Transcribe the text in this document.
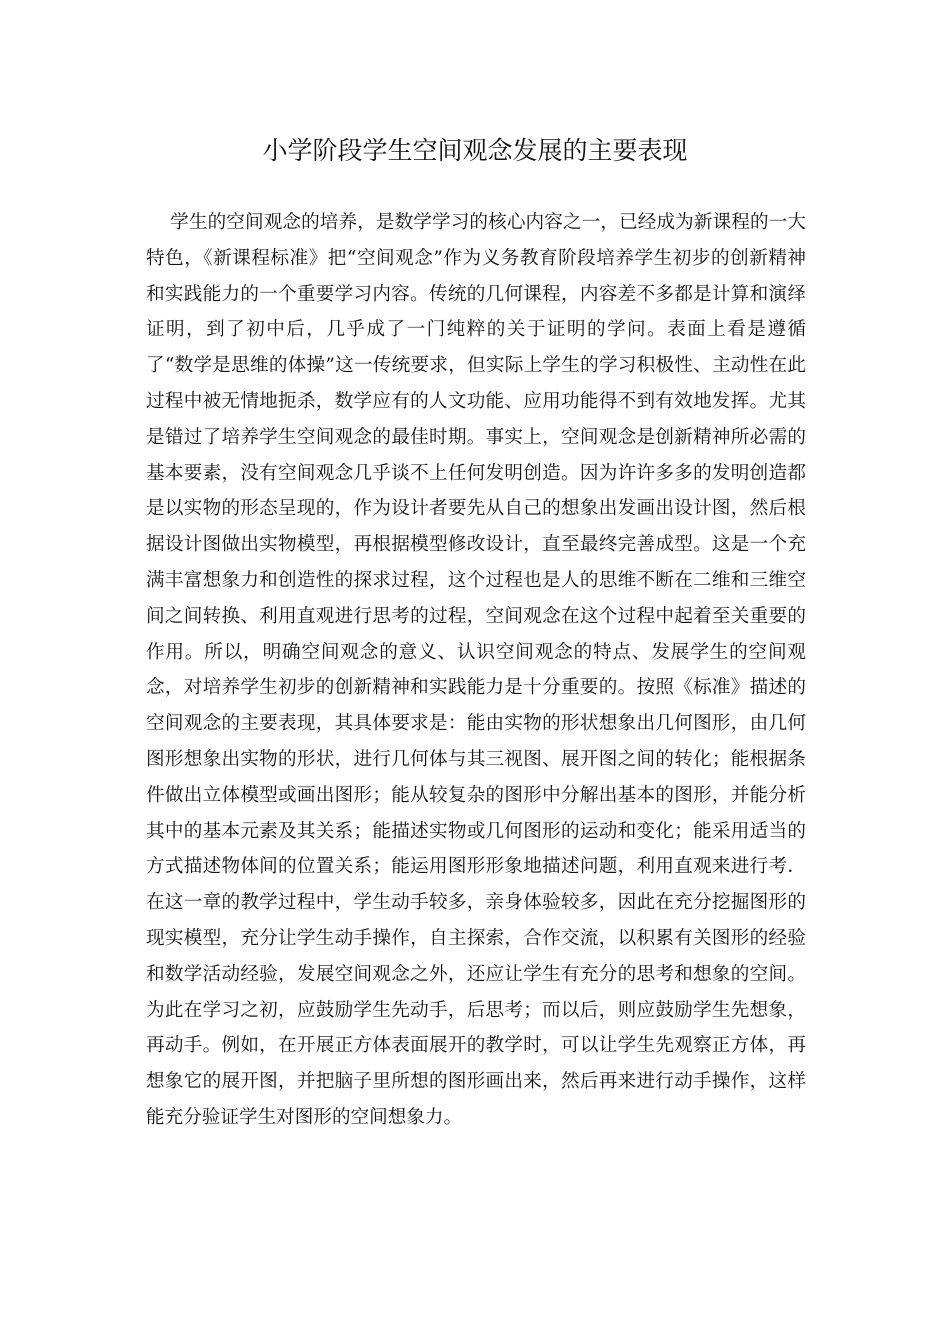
小学阶段学生空间观念发展的主要表现

学生的空间观念的培养，是数学学习的核心内容之一，已经成为新课程的一大特色，《新课程标准》把“空间观念”作为义务教育阶段培养学生初步的创新精神和实践能力的一个重要学习内容。传统的几何课程，内容差不多都是计算和演绎证明，到了初中后，几乎成了一门纯粹的关于证明的学问。表面上看是遵循了“数学是思维的体操”这一传统要求，但实际上学生的学习积极性、主动性在此过程中被无情地扼杀，数学应有的人文功能、应用功能得不到有效地发挥。尤其是错过了培养学生空间观念的最佳时期。事实上，空间观念是创新精神所必需的基本要素，没有空间观念几乎谈不上任何发明创造。因为许许多多的发明创造都是以实物的形态呈现的，作为设计者要先从自己的想象出发画出设计图，然后根据设计图做出实物模型，再根据模型修改设计，直至最终完善成型。这是一个充满丰富想象力和创造性的探求过程，这个过程也是人的思维不断在二维和三维空间之间转换、利用直观进行思考的过程，空间观念在这个过程中起着至关重要的作用。所以，明确空间观念的意义、认识空间观念的特点、发展学生的空间观念，对培养学生初步的创新精神和实践能力是十分重要的。按照《标准》描述的空间观念的主要表现，其具体要求是：能由实物的形状想象出几何图形，由几何图形想象出实物的形状，进行几何体与其三视图、展开图之间的转化；能根据条件做出立体模型或画出图形；能从较复杂的图形中分解出基本的图形，并能分析其中的基本元素及其关系；能描述实物或几何图形的运动和变化；能采用适当的方式描述物体间的位置关系；能运用图形形象地描述问题，利用直观来进行考．在这一章的教学过程中，学生动手较多，亲身体验较多，因此在充分挖掘图形的现实模型，充分让学生动手操作，自主探索，合作交流，以积累有关图形的经验和数学活动经验，发展空间观念之外，还应让学生有充分的思考和想象的空间。为此在学习之初，应鼓励学生先动手，后思考；而以后，则应鼓励学生先想象，再动手。例如，在开展正方体表面展开的教学时，可以让学生先观察正方体，再想象它的展开图，并把脑子里所想的图形画出来，然后再来进行动手操作，这样能充分验证学生对图形的空间想象力。
